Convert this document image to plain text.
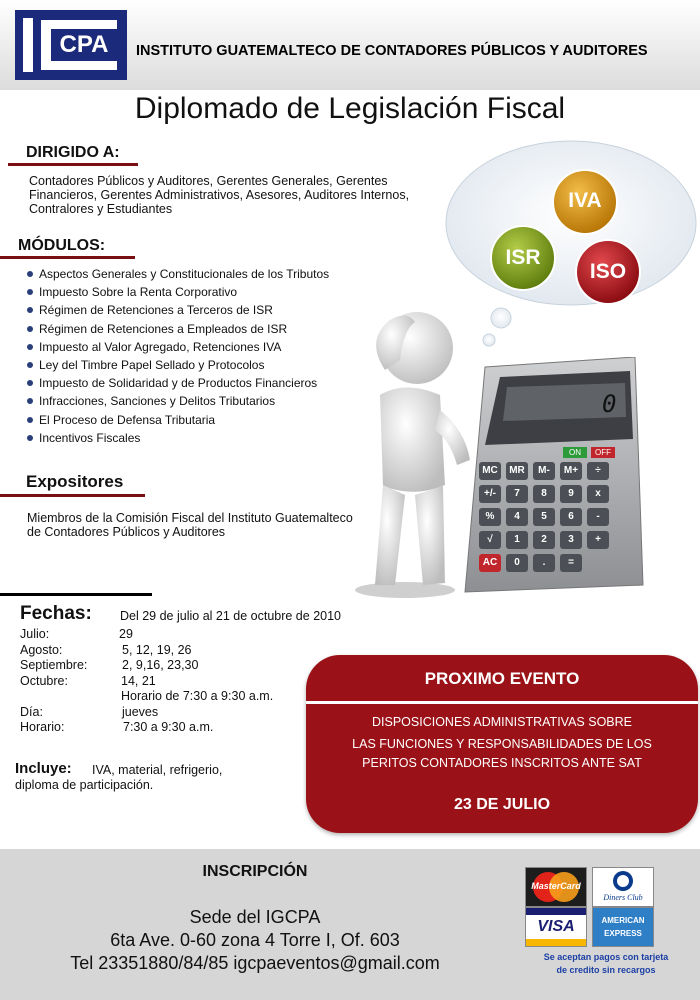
CPA INSTITUTO GUATEMALTECO DE CONTADORES PÚBLICOS Y AUDITORES
Diplomado de Legislación Fiscal
DIRIGIDO A:
Contadores Públicos y Auditores, Gerentes Generales, Gerentes
Financieros, Gerentes Administrativos, Asesores, Auditores Internos,
Contralores y Estudiantes	IVA
ISR
ISO
MÓDULOS:
Aspectos Generales y Constitucionales de los Tributos
Impuesto Sobre la Renta Corporativo
Régimen de Retenciones a Terceros de ISR
Régimen de Retenciones a Empleados de ISR
Impuesto al Valor Agregado, Retenciones IVA
Ley del Timbre Papel Sellado y Protocolos
Impuesto de Solidaridad y de Productos Financieros
Infracciones, Sanciones y Delitos Tributarios
El Proceso de Defensa Tributaria
Incentivos Fiscales
0
ON	OFF
MC	MR	M-	M+	÷
+/-	7	8	9	x
%	4	5	6	-
√	1	2	3	+
AC	0	.	=
Expositores
Miembros de la Comisión Fiscal del Instituto Guatemalteco
de Contadores Públicos y Auditores
Fechas: Del 29 de julio al 21 de octubre de 2010
Julio:	29
Agosto:	5, 12, 19, 26
Septiembre:	2, 9,16, 23,30
Octubre:	14, 21
Horario de 7:30 a 9:30 a.m.
Día:	jueves
Horario:	7:30 a 9:30 a.m.
Incluye: IVA, material, refrigerio,
diploma de participación.
PROXIMO EVENTO
DISPOSICIONES ADMINISTRATIVAS SOBRE
LAS FUNCIONES Y RESPONSABILIDADES DE LOS
PERITOS CONTADORES INSCRITOS ANTE SAT
23 DE JULIO
INSCRIPCIÓN
Sede del IGCPA
6ta Ave. 0-60 zona 4 Torre I, Of. 603
Tel 23351880/84/85 igcpaeventos@gmail.com
MasterCard
Diners Club
VISA	AMERICAN
EXPRESS
Se aceptan pagos con tarjeta
de credito sin recargos
